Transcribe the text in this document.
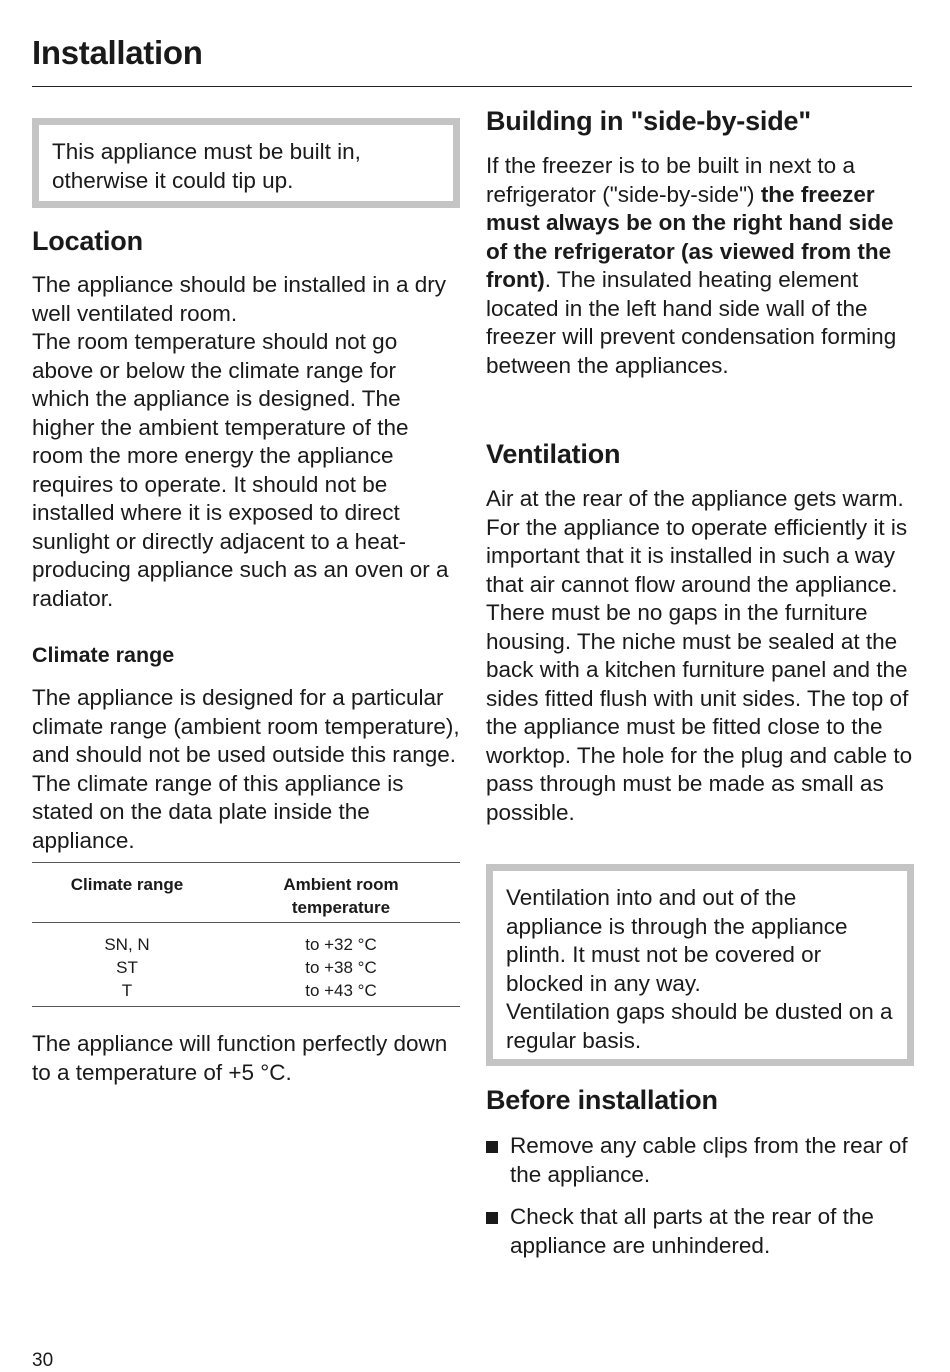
Installation

This appliance must be built in, otherwise it could tip up.

Location

The appliance should be installed in a dry well ventilated room.

The room temperature should not go above or below the climate range for which the appliance is designed. The higher the ambient temperature of the room the more energy the appliance requires to operate. It should not be installed where it is exposed to direct sunlight or directly adjacent to a heat-producing appliance such as an oven or a radiator.

Climate range

The appliance is designed for a particular climate range (ambient room temperature), and should not be used outside this range. The climate range of this appliance is stated on the data plate inside the appliance.

Climate range	Ambient room temperature
SN, N	to +32 °C
ST	to +38 °C
T	to +43 °C

The appliance will function perfectly down to a temperature of +5 °C.

Building in "side-by-side"

If the freezer is to be built in next to a refrigerator ("side-by-side") the freezer must always be on the right hand side of the refrigerator (as viewed from the front). The insulated heating element located in the left hand side wall of the freezer will prevent condensation forming between the appliances.

Ventilation

Air at the rear of the appliance gets warm. For the appliance to operate efficiently it is important that it is installed in such a way that air cannot flow around the appliance. There must be no gaps in the furniture housing. The niche must be sealed at the back with a kitchen furniture panel and the sides fitted flush with unit sides. The top of the appliance must be fitted close to the worktop. The hole for the plug and cable to pass through must be made as small as possible.

Ventilation into and out of the appliance is through the appliance plinth. It must not be covered or blocked in any way.

Ventilation gaps should be dusted on a regular basis.

Before installation
Remove any cable clips from the rear of the appliance.
Check that all parts at the rear of the appliance are unhindered.
30
